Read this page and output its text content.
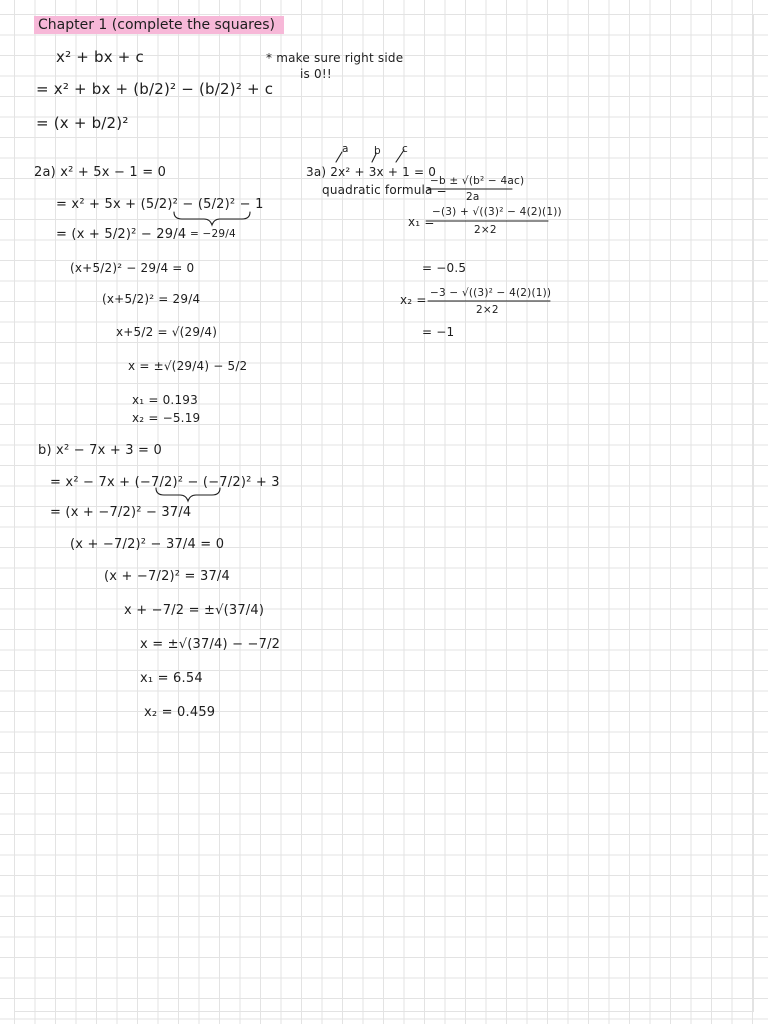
Chapter 1 (complete the squares)
* make sure right side
is 0!!
x² + bx + c
= x² + bx + (b/2)² − (b/2)² + c
= (x + b/2)²
2a) x² + 5x − 1 = 0
= x² + 5x + (5/2)² − (5/2)² − 1
= (x + 5/2)² − 29/4 = −29/4
(x+5/2)² − 29/4 = 0
(x+5/2)² = 29/4
x+5/2 = √(29/4)
x = ±√(29/4) − 5/2
x₁ = 0.193
x₂ = −5.19
b) x² − 7x + 3 = 0
= x² − 7x + (−7/2)² − (−7/2)² + 3
= (x + −7/2)² − 37/4
(x + −7/2)² − 37/4 = 0
(x + −7/2)² = 37/4
x + −7/2 = ±√(37/4)
x = ±√(37/4) − −7/2
x₁ = 6.54
x₂ = 0.459
a b c
3a) 2x² + 3x + 1 = 0
quadratic formula =
−b ± √(b² − 4ac)
2a
x₁ =
−(3) + √((3)² − 4(2)(1))
2×2
= −0.5
x₂ = −3 − √((3)² − 4(2)(1))
2×2
= −1
